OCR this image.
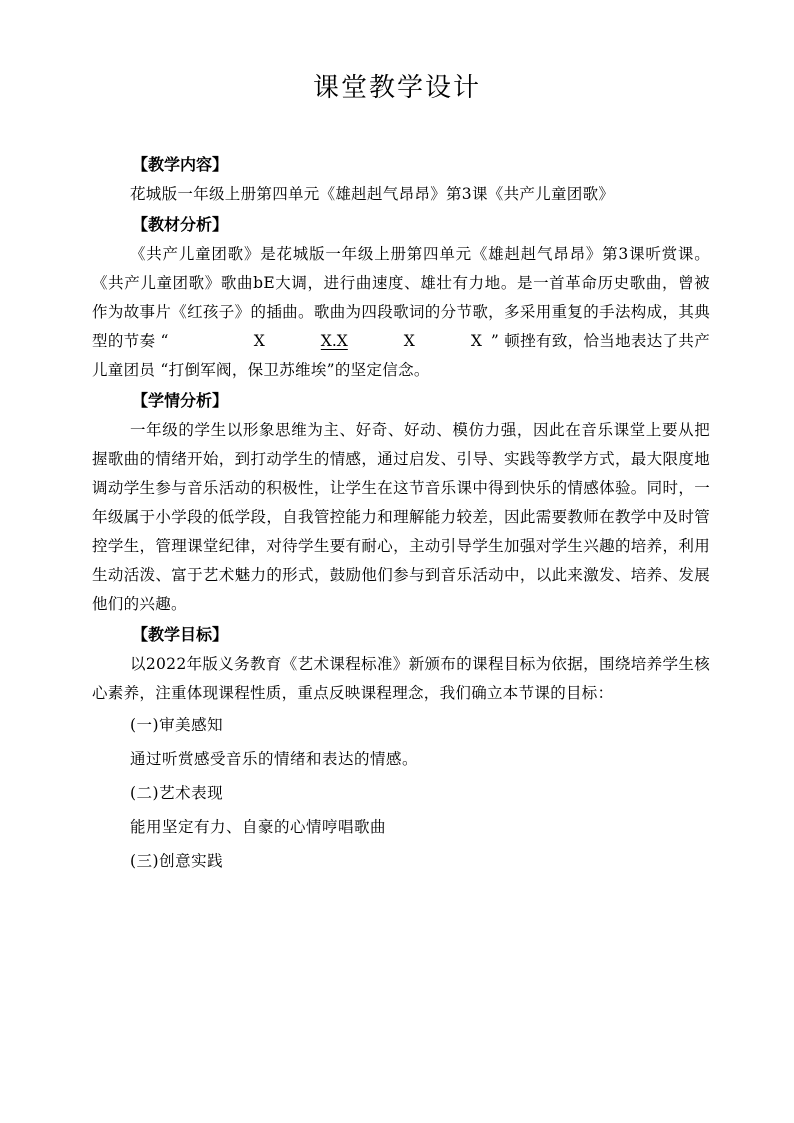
课堂教学设计
【教学内容】

花城版一年级上册第四单元《雄赳赳气昂昂》第3课《共产儿童团歌》

【教材分析】

《共产儿童团歌》是花城版一年级上册第四单元《雄赳赳气昂昂》第3课听赏课。《共产儿童团歌》歌曲bE大调，进行曲速度、雄壮有力地。是一首革命历史歌曲，曾被作为故事片《红孩子》的插曲。歌曲为四段歌词的分节歌，多采用重复的手法构成，其典型的节奏 “	X	X.X	X	X ” 顿挫有致，恰当地表达了共产儿童团员 “打倒军阀，保卫苏维埃”的坚定信念。

【学情分析】

一年级的学生以形象思维为主、好奇、好动、模仿力强，因此在音乐课堂上要从把握歌曲的情绪开始，到打动学生的情感，通过启发、引导、实践等教学方式，最大限度地调动学生参与音乐活动的积极性，让学生在这节音乐课中得到快乐的情感体验。同时，一年级属于小学段的低学段，自我管控能力和理解能力较差，因此需要教师在教学中及时管控学生，管理课堂纪律，对待学生要有耐心，主动引导学生加强对学生兴趣的培养，利用生动活泼、富于艺术魅力的形式，鼓励他们参与到音乐活动中，以此来激发、培养、发展他们的兴趣。

【教学目标】

以2022年版义务教育《艺术课程标准》新颁布的课程目标为依据，围绕培养学生核心素养，注重体现课程性质，重点反映课程理念，我们确立本节课的目标：

(一)审美感知
通过听赏感受音乐的情绪和表达的情感。
(二)艺术表现
能用坚定有力、自豪的心情哼唱歌曲
(三)创意实践
